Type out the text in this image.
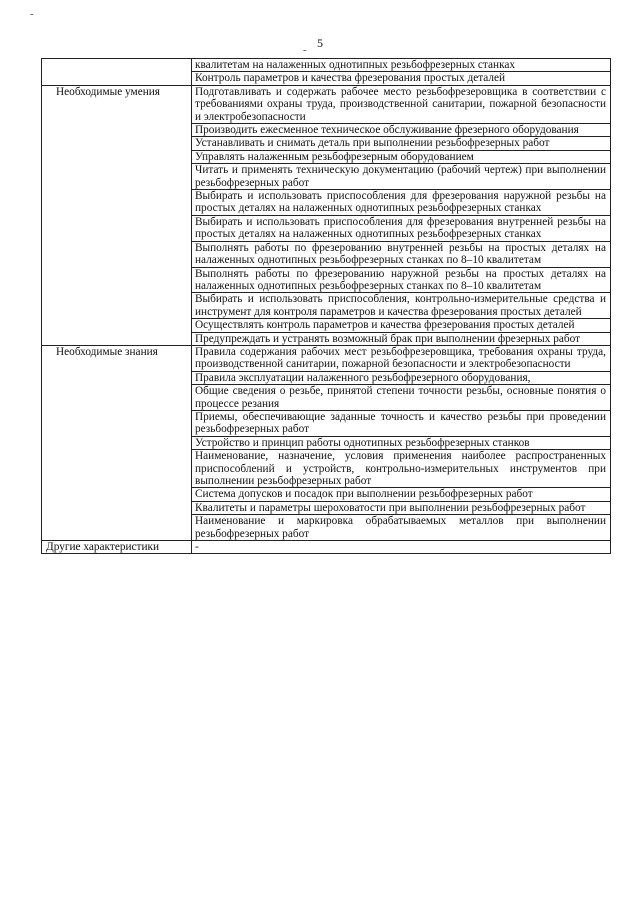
5
-
-
	квалитетам на налаженных однотипных резьбофрезерных станках
	Контроль параметров и качества фрезерования простых деталей
Необходимые умения	Подготавливать и содержать рабочее место резьбофрезеровщика в соответствии с требованиями охраны труда, производственной санитарии, пожарной безопасности и электробезопасности
	Производить ежесменное техническое обслуживание фрезерного оборудования
	Устанавливать и снимать деталь при выполнении резьбофрезерных работ
	Управлять налаженным резьбофрезерным оборудованием
	Читать и применять техническую документацию (рабочий чертеж) при выполнении резьбофрезерных работ
	Выбирать и использовать приспособления для фрезерования наружной резьбы на простых деталях на налаженных однотипных резьбофрезерных станках
	Выбирать и использовать приспособления для фрезерования внутренней резьбы на простых деталях на налаженных однотипных резьбофрезерных станках
	Выполнять работы по фрезерованию внутренней резьбы на простых деталях на налаженных однотипных резьбофрезерных станках по 8–10 квалитетам
	Выполнять работы по фрезерованию наружной резьбы на простых деталях на налаженных однотипных резьбофрезерных станках по 8–10 квалитетам
	Выбирать и использовать приспособления, контрольно-измерительные средства и инструмент для контроля параметров и качества фрезерования простых деталей
	Осуществлять контроль параметров и качества фрезерования простых деталей
	Предупреждать и устранять возможный брак при выполнении фрезерных работ
Необходимые знания	Правила содержания рабочих мест резьбофрезеровщика, требования охраны труда, производственной санитарии, пожарной безопасности и электробезопасности
	Правила эксплуатации налаженного резьбофрезерного оборудования,
	Общие сведения о резьбе, принятой степени точности резьбы, основные понятия о процессе резания
	Приемы, обеспечивающие заданные точность и качество резьбы при проведении резьбофрезерных работ
	Устройство и принцип работы однотипных резьбофрезерных станков
	Наименование, назначение, условия применения наиболее распространенных приспособлений и устройств, контрольно-измерительных инструментов при выполнении резьбофрезерных работ
	Система допусков и посадок при выполнении резьбофрезерных работ
	Квалитеты и параметры шероховатости при выполнении резьбофрезерных работ
	Наименование и маркировка обрабатываемых металлов при выполнении резьбофрезерных работ
Другие характеристики	-
